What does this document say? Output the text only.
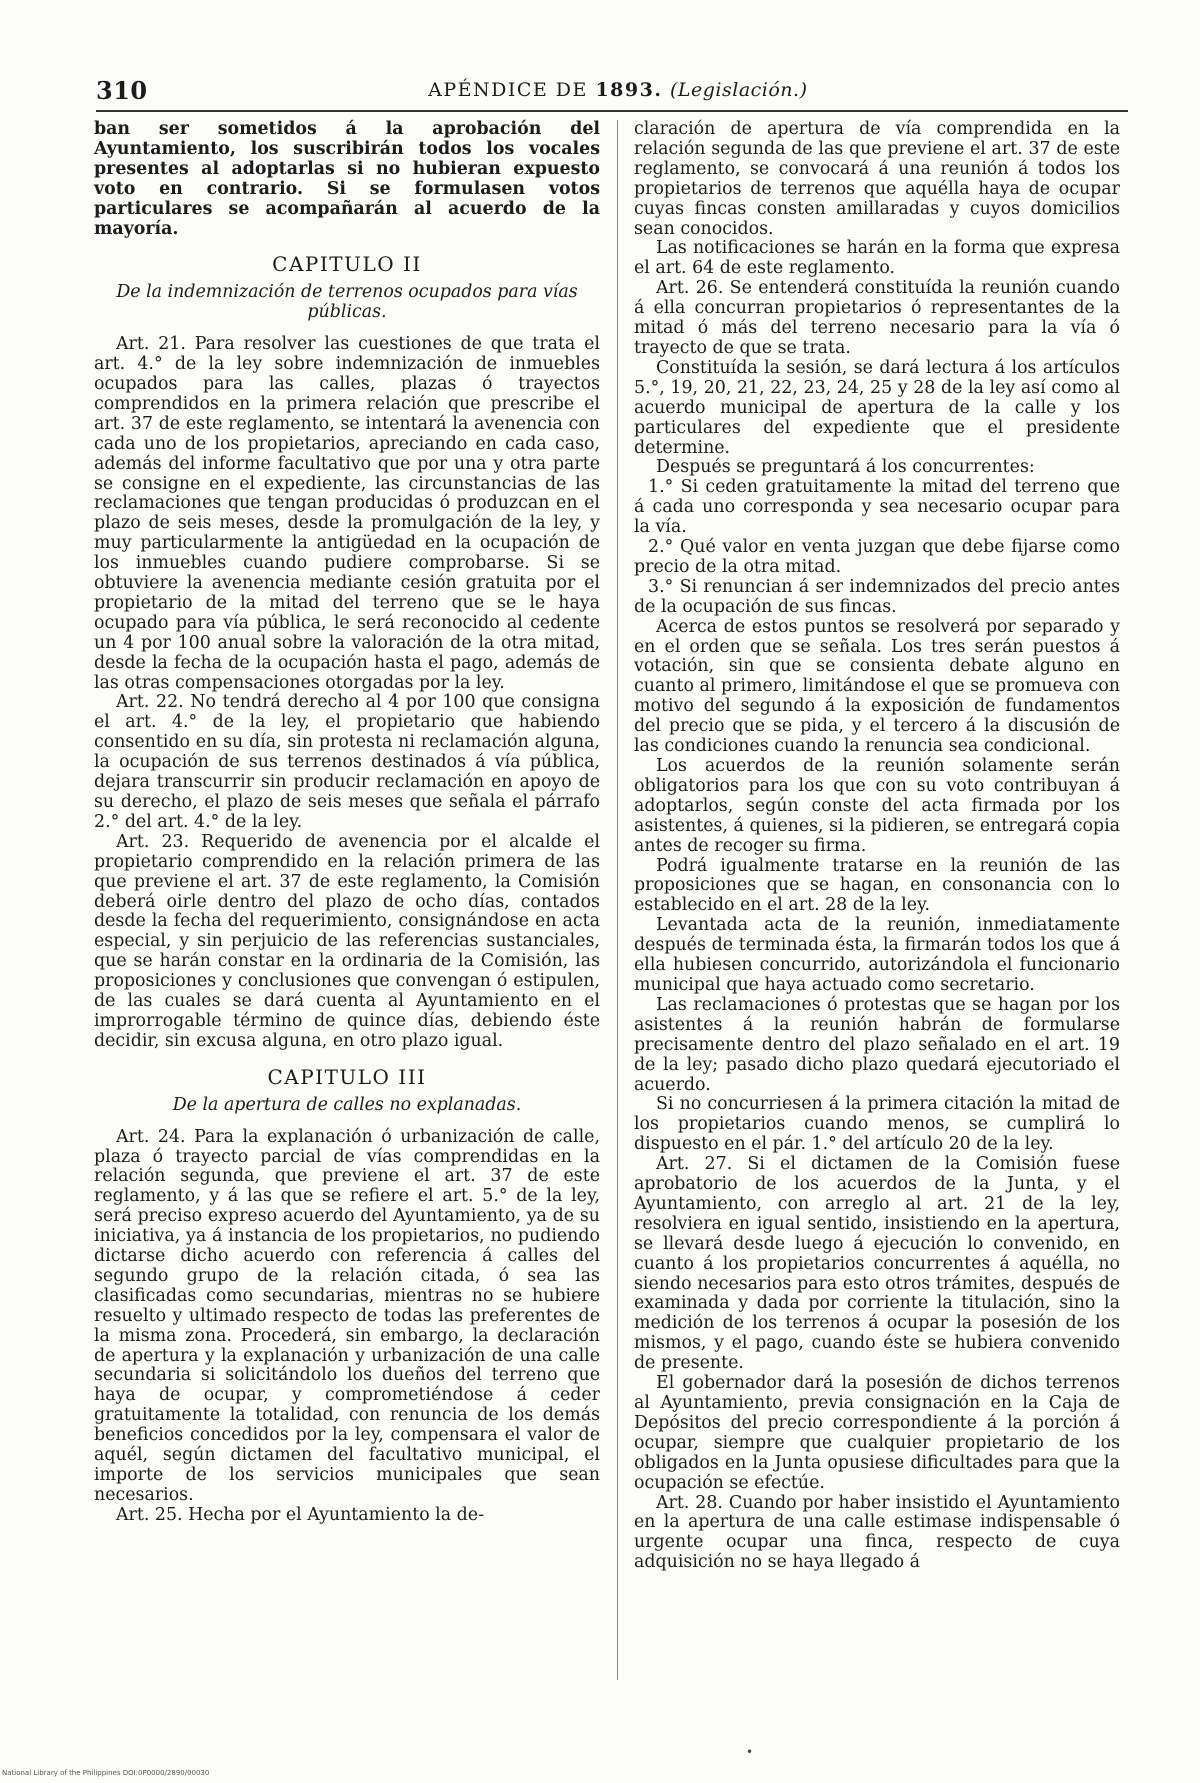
310	APÉNDICE DE 1893. (Legislación.)

ban ser sometidos á la aprobación del Ayuntamiento, los suscribirán todos los vocales presentes al adoptarlas si no hubieran expuesto voto en contrario. Si se formulasen votos particulares se acompañarán al acuerdo de la mayoría.

CAPITULO II

De la indemnización de terrenos ocupados para vías públicas.

Art. 21. Para resolver las cuestiones de que trata el art. 4.° de la ley sobre indemnización de inmuebles ocupados para las calles, plazas ó trayectos comprendidos en la primera relación que prescribe el art. 37 de este reglamento, se intentará la avenencia con cada uno de los propietarios, apreciando en cada caso, además del informe facultativo que por una y otra parte se consigne en el expediente, las circunstancias de las reclamaciones que tengan producidas ó produzcan en el plazo de seis meses, desde la promulgación de la ley, y muy particularmente la antigüedad en la ocupación de los inmuebles cuando pudiere comprobarse. Si se obtuviere la avenencia mediante cesión gratuita por el propietario de la mitad del terreno que se le haya ocupado para vía pública, le será reconocido al cedente un 4 por 100 anual sobre la valoración de la otra mitad, desde la fecha de la ocupación hasta el pago, además de las otras compensaciones otorgadas por la ley.

Art. 22. No tendrá derecho al 4 por 100 que consigna el art. 4.° de la ley, el propietario que habiendo consentido en su día, sin protesta ni reclamación alguna, la ocupación de sus terrenos destinados á vía pública, dejara transcurrir sin producir reclamación en apoyo de su derecho, el plazo de seis meses que señala el párrafo 2.° del art. 4.° de la ley.

Art. 23. Requerido de avenencia por el alcalde el propietario comprendido en la relación primera de las que previene el art. 37 de este reglamento, la Comisión deberá oirle dentro del plazo de ocho días, contados desde la fecha del requerimiento, consignándose en acta especial, y sin perjuicio de las referencias sustanciales, que se harán constar en la ordinaria de la Comisión, las proposiciones y conclusiones que convengan ó estipulen, de las cuales se dará cuenta al Ayuntamiento en el improrrogable término de quince días, debiendo éste decidir, sin excusa alguna, en otro plazo igual.

CAPITULO III

De la apertura de calles no explanadas.

Art. 24. Para la explanación ó urbanización de calle, plaza ó trayecto parcial de vías comprendidas en la relación segunda, que previene el art. 37 de este reglamento, y á las que se refiere el art. 5.° de la ley, será preciso expreso acuerdo del Ayuntamiento, ya de su iniciativa, ya á instancia de los propietarios, no pudiendo dictarse dicho acuerdo con referencia á calles del segundo grupo de la relación citada, ó sea las clasificadas como secundarias, mientras no se hubiere resuelto y ultimado respecto de todas las preferentes de la misma zona. Procederá, sin embargo, la declaración de apertura y la explanación y urbanización de una calle secundaria si solicitándolo los dueños del terreno que haya de ocupar, y comprometiéndose á ceder gratuitamente la totalidad, con renuncia de los demás beneficios concedidos por la ley, compensara el valor de aquél, según dictamen del facultativo municipal, el importe de los servicios municipales que sean necesarios.

Art. 25. Hecha por el Ayuntamiento la de-

claración de apertura de vía comprendida en la relación segunda de las que previene el art. 37 de este reglamento, se convocará á una reunión á todos los propietarios de terrenos que aquélla haya de ocupar cuyas fincas consten amillaradas y cuyos domicilios sean conocidos.

Las notificaciones se harán en la forma que expresa el art. 64 de este reglamento.

Art. 26. Se entenderá constituída la reunión cuando á ella concurran propietarios ó representantes de la mitad ó más del terreno necesario para la vía ó trayecto de que se trata.

Constituída la sesión, se dará lectura á los artículos 5.°, 19, 20, 21, 22, 23, 24, 25 y 28 de la ley así como al acuerdo municipal de apertura de la calle y los particulares del expediente que el presidente determine.

Después se preguntará á los concurrentes:

1.° Si ceden gratuitamente la mitad del terreno que á cada uno corresponda y sea necesario ocupar para la vía.

2.° Qué valor en venta juzgan que debe fijarse como precio de la otra mitad.

3.° Si renuncian á ser indemnizados del precio antes de la ocupación de sus fincas.

Acerca de estos puntos se resolverá por separado y en el orden que se señala. Los tres serán puestos á votación, sin que se consienta debate alguno en cuanto al primero, limitándose el que se promueva con motivo del segundo á la exposición de fundamentos del precio que se pida, y el tercero á la discusión de las condiciones cuando la renuncia sea condicional.

Los acuerdos de la reunión solamente serán obligatorios para los que con su voto contribuyan á adoptarlos, según conste del acta firmada por los asistentes, á quienes, si la pidieren, se entregará copia antes de recoger su firma.

Podrá igualmente tratarse en la reunión de las proposiciones que se hagan, en consonancia con lo establecido en el art. 28 de la ley.

Levantada acta de la reunión, inmediatamente después de terminada ésta, la firmarán todos los que á ella hubiesen concurrido, autorizándola el funcionario municipal que haya actuado como secretario.

Las reclamaciones ó protestas que se hagan por los asistentes á la reunión habrán de formularse precisamente dentro del plazo señalado en el art. 19 de la ley; pasado dicho plazo quedará ejecutoriado el acuerdo.

Si no concurriesen á la primera citación la mitad de los propietarios cuando menos, se cumplirá lo dispuesto en el pár. 1.° del artículo 20 de la ley.

Art. 27. Si el dictamen de la Comisión fuese aprobatorio de los acuerdos de la Junta, y el Ayuntamiento, con arreglo al art. 21 de la ley, resolviera en igual sentido, insistiendo en la apertura, se llevará desde luego á ejecución lo convenido, en cuanto á los propietarios concurrentes á aquélla, no siendo necesarios para esto otros trámites, después de examinada y dada por corriente la titulación, sino la medición de los terrenos á ocupar la posesión de los mismos, y el pago, cuando éste se hubiera convenido de presente.

El gobernador dará la posesión de dichos terrenos al Ayuntamiento, previa consignación en la Caja de Depósitos del precio correspondiente á la porción á ocupar, siempre que cualquier propietario de los obligados en la Junta opusiese dificultades para que la ocupación se efectúe.

Art. 28. Cuando por haber insistido el Ayuntamiento en la apertura de una calle estimase indispensable ó urgente ocupar una finca, respecto de cuya adquisición no se haya llegado á

•
National Library of the Philippines DOI:0P0000/2890/00030
